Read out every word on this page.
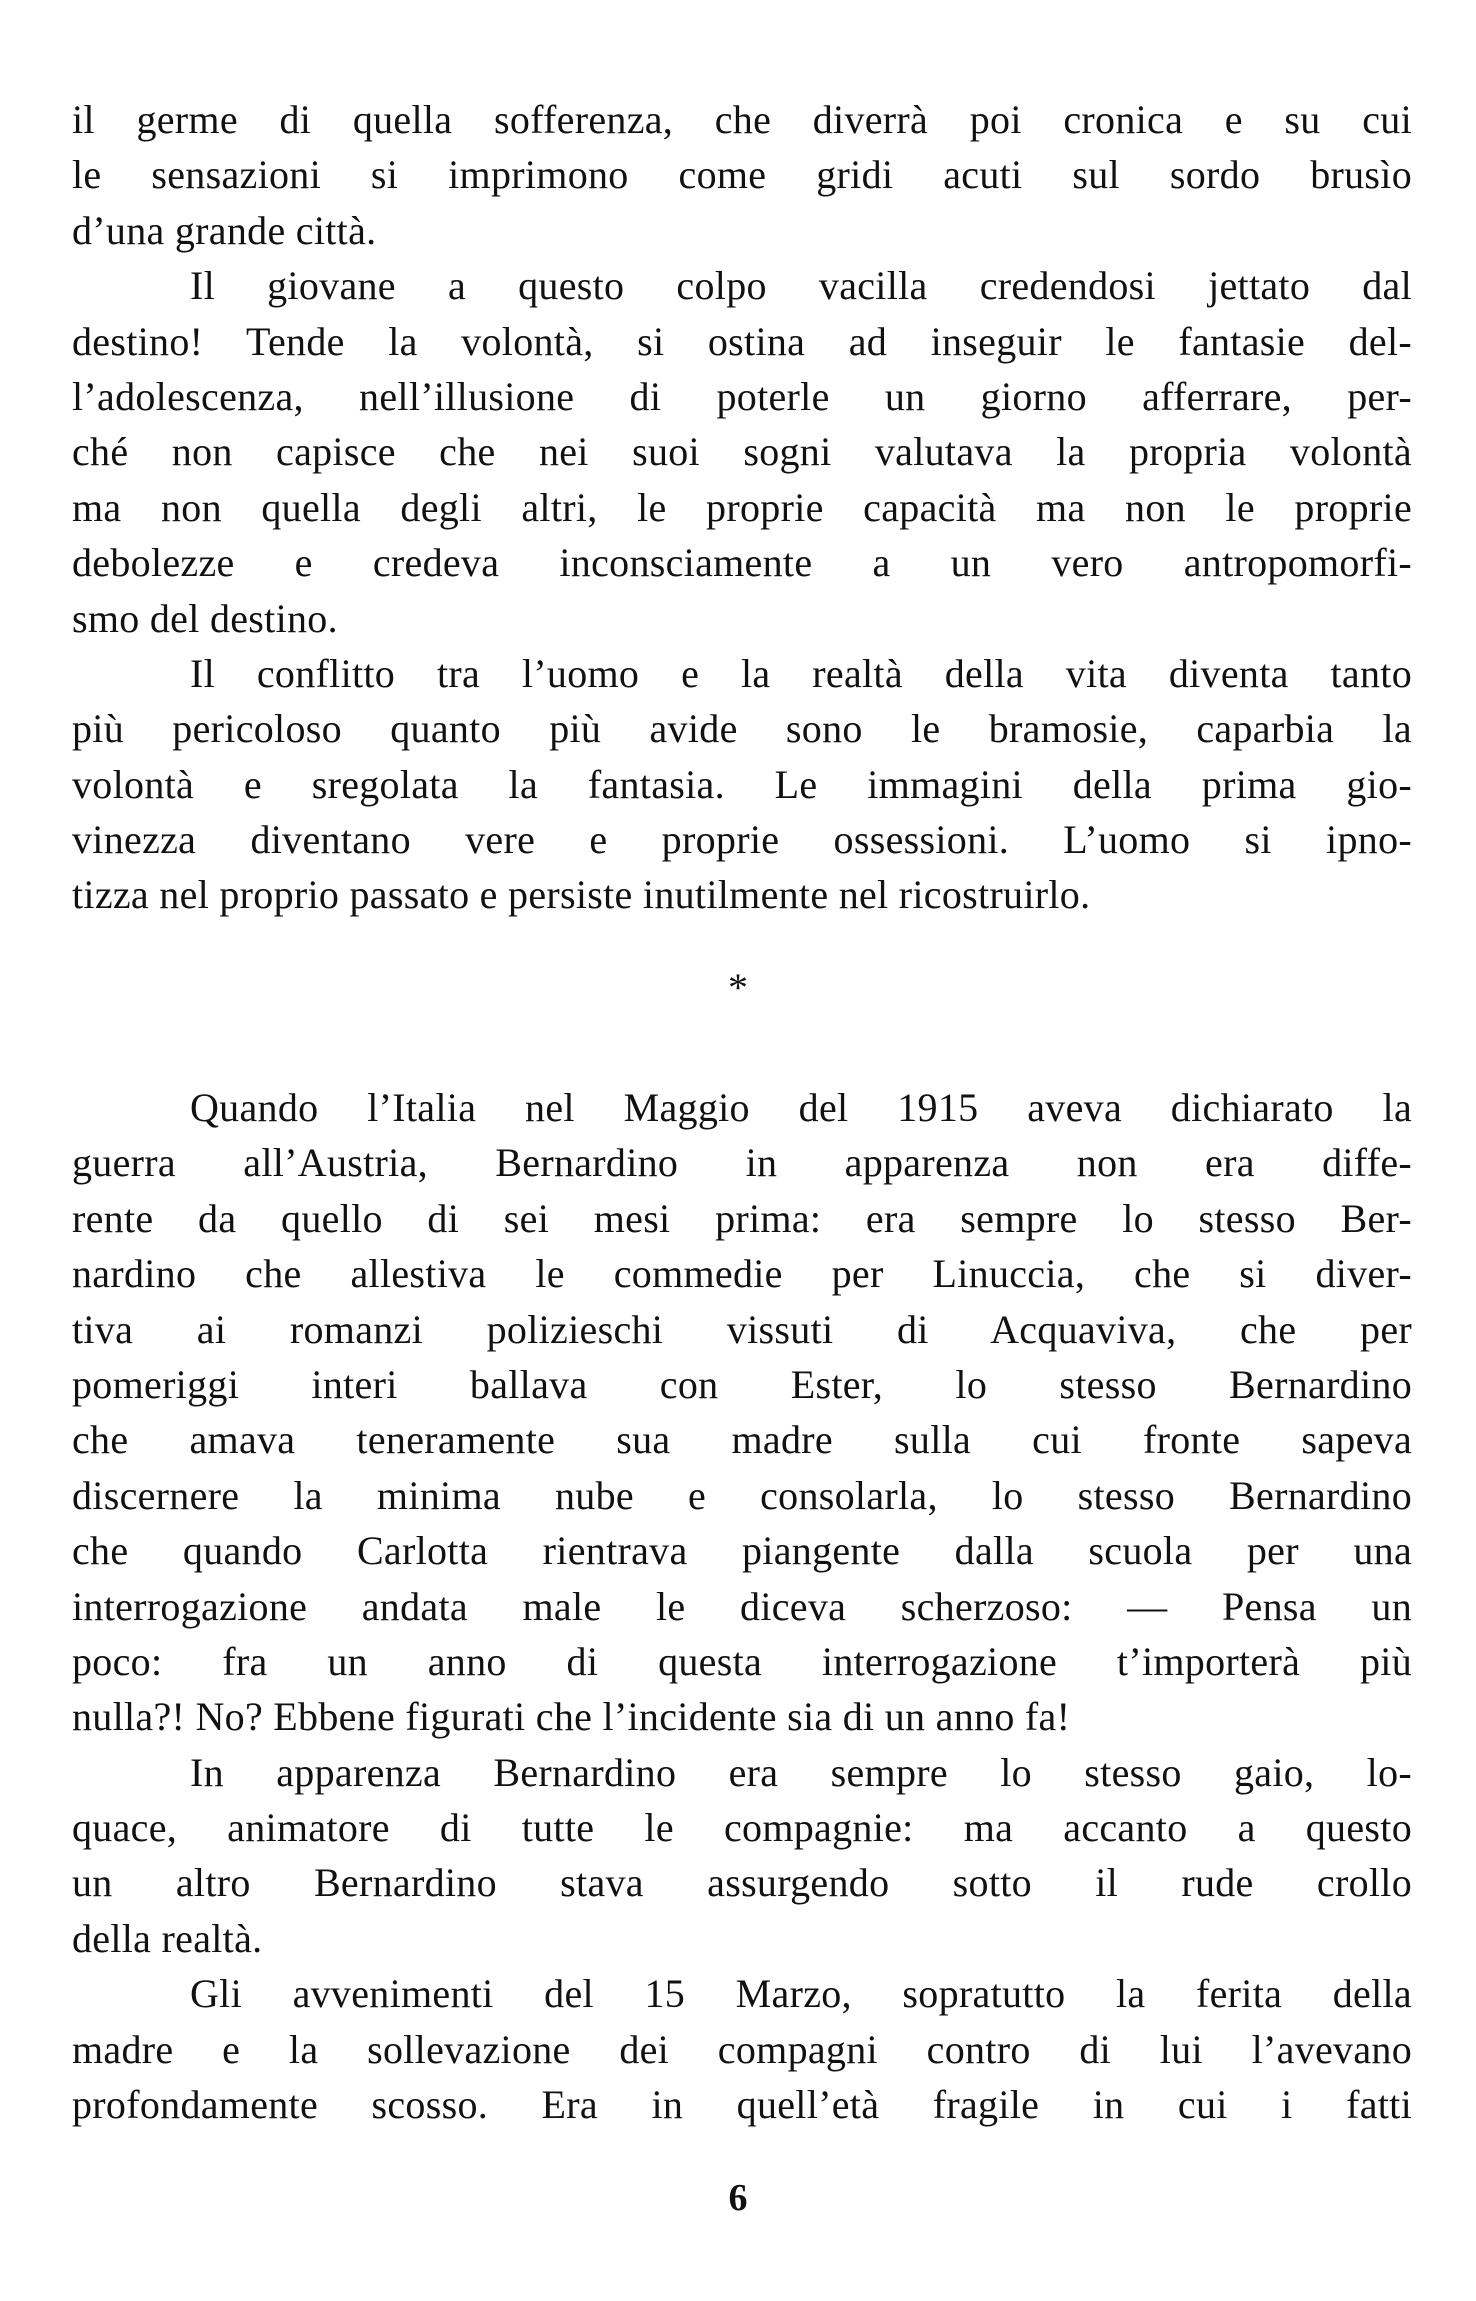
il germe di quella sofferenza, che diverrà poi cronica e su cui
le sensazioni si imprimono come gridi acuti sul sordo brusìo
d’una grande città.
Il giovane a questo colpo vacilla credendosi jettato dal
destino! Tende la volontà, si ostina ad inseguir le fantasie del-
l’adolescenza, nell’illusione di poterle un giorno afferrare, per-
ché non capisce che nei suoi sogni valutava la propria volontà
ma non quella degli altri, le proprie capacità ma non le proprie
debolezze e credeva inconsciamente a un vero antropomorfi-
smo del destino.
Il conflitto tra l’uomo e la realtà della vita diventa tanto
più pericoloso quanto più avide sono le bramosie, caparbia la
volontà e sregolata la fantasia. Le immagini della prima gio-
vinezza diventano vere e proprie ossessioni. L’uomo si ipno-
tizza nel proprio passato e persiste inutilmente nel ricostruirlo.
*
Quando l’Italia nel Maggio del 1915 aveva dichiarato la
guerra all’Austria, Bernardino in apparenza non era diffe-
rente da quello di sei mesi prima: era sempre lo stesso Ber-
nardino che allestiva le commedie per Linuccia, che si diver-
tiva ai romanzi polizieschi vissuti di Acquaviva, che per
pomeriggi interi ballava con Ester, lo stesso Bernardino
che amava teneramente sua madre sulla cui fronte sapeva
discernere la minima nube e consolarla, lo stesso Bernardino
che quando Carlotta rientrava piangente dalla scuola per una
interrogazione andata male le diceva scherzoso: — Pensa un
poco: fra un anno di questa interrogazione t’importerà più
nulla?! No? Ebbene figurati che l’incidente sia di un anno fa!
In apparenza Bernardino era sempre lo stesso gaio, lo-
quace, animatore di tutte le compagnie: ma accanto a questo
un altro Bernardino stava assurgendo sotto il rude crollo
della realtà.
Gli avvenimenti del 15 Marzo, sopratutto la ferita della
madre e la sollevazione dei compagni contro di lui l’avevano
profondamente scosso. Era in quell’età fragile in cui i fatti
6
